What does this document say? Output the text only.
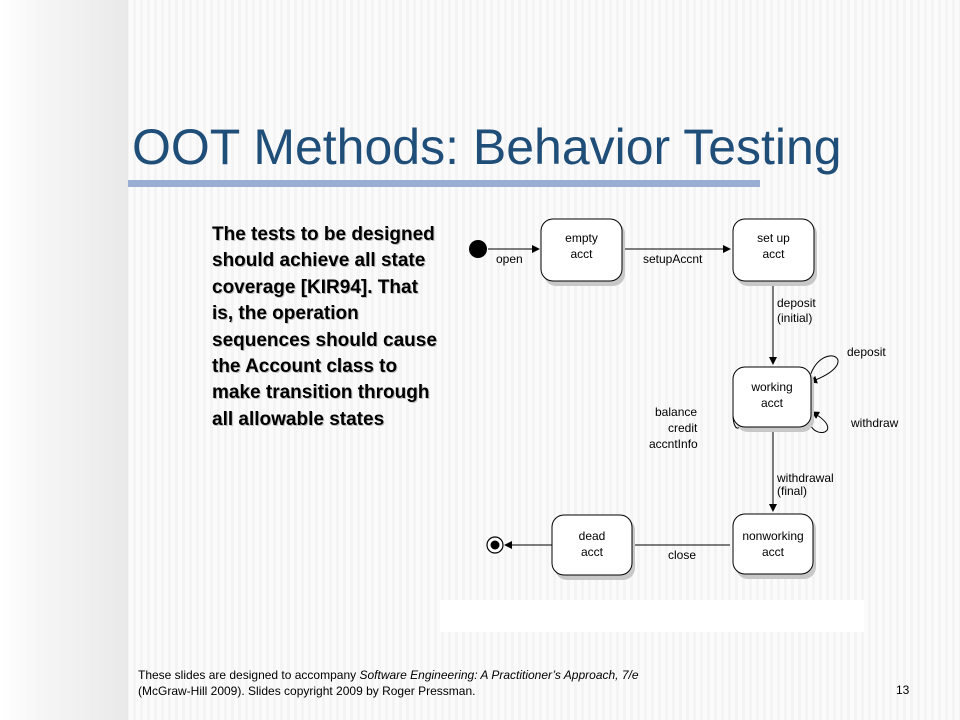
OOT Methods: Behavior Testing
The tests to be designed should achieve all state coverage [KIR94]. That is, the operation sequences should cause the Account class to make transition through all allowable states
empty
acct
set up
acct
working
acct
nonworking
acct
dead
acct
open	setupAccnt
deposit
(initial)
deposit
withdraw
balance
credit
accntInfo
withdrawal
(final)
close
These slides are designed to accompany Software Engineering: A Practitioner’s Approach, 7/e
(McGraw-Hill 2009). Slides copyright 2009 by Roger Pressman.	13
